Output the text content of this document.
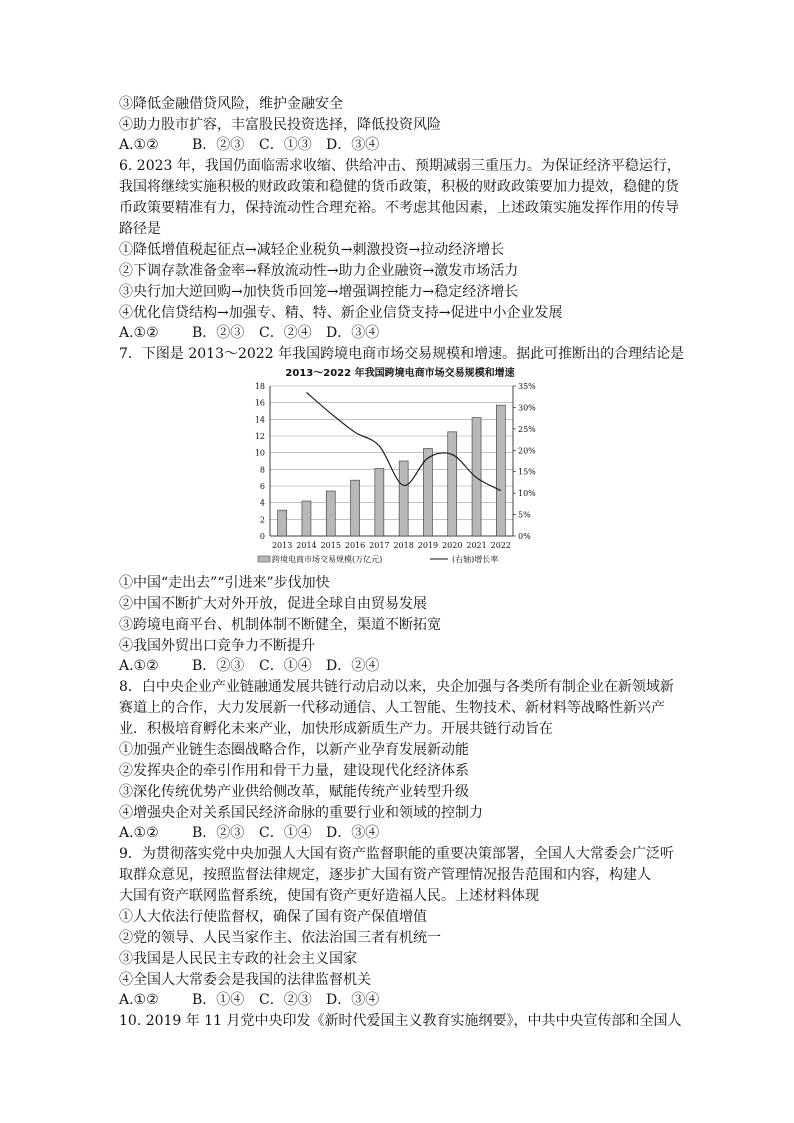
③降低金融借贷风险，维护金融安全
④助力股市扩容，丰富股民投资选择，降低投资风险
A.①② B．②③ C．①③ D．③④
6. 2023 年，我国仍面临需求收缩、供给冲击、预期减弱三重压力。为保证经济平稳运行，
我国将继续实施积极的财政政策和稳健的货币政策，积极的财政政策要加力提效，稳健的货
币政策要精准有力，保持流动性合理充裕。不考虑其他因素，上述政策实施发挥作用的传导
路径是
①降低增值税起征点→减轻企业税负→刺激投资→拉动经济增长
②下调存款准备金率→释放流动性→助力企业融资→激发市场活力
③央行加大逆回购→加快货币回笼→增强调控能力→稳定经济增长
④优化信贷结构→加强专、精、特、新企业信贷支持→促进中小企业发展
A.①② B．②③ C．②④ D．③④
7．下图是 2013～2022 年我国跨境电商市场交易规模和增速。据此可推断出的合理结论是
2013～2022 年我国跨境电商市场交易规模和增速
0
2
4
6
8
10
12
14
16
18
0%
5%
10%
15%
20%
25%
30%
35%
2013 2014 2015 2016 2017 2018 2019 2020 2021 2022
跨境电商市场交易规模(万亿元)	(右轴)增长率
①中国“走出去”“引进来”步伐加快
②中国不断扩大对外开放，促进全球自由贸易发展
③跨境电商平台、机制体制不断健全，渠道不断拓宽
④我国外贸出口竞争力不断提升
A.①② B．②③ C．①④ D．②④
8．白中央企业产业链融通发展共链行动启动以来，央企加强与各类所有制企业在新领域新
赛道上的合作，大力发展新一代移动通信、人工智能、生物技术、新材料等战略性新兴产
业．积极培育孵化未来产业，加快形成新质生产力。开展共链行动旨在
①加强产业链生态圈战略合作，以新产业孕育发展新动能
②发挥央企的牵引作用和骨干力量，建设现代化经济体系
③深化传统优势产业供给侧改革，赋能传统产业转型升级
④增强央企对关系国民经济命脉的重要行业和领域的控制力
A.①② B．②③ C．①④ D．③④
9．为贯彻落实党中央加强人大国有资产监督职能的重要决策部署，全国人大常委会广泛听
取群众意见，按照监督法律规定，逐步扩大国有资产管理情况报告范围和内容，构建人
大国有资产联网监督系统，使国有资产更好造福人民。上述材料体现
①人大依法行使监督权，确保了国有资产保值增值
②党的领导、人民当家作主、依法治国三者有机统一
③我国是人民民主专政的社会主义国家
④全国人大常委会是我国的法律监督机关
A.①② B．①④ C．②③ D．③④
10. 2019 年 11 月党中央印发《新时代爱国主义教育实施纲要》，中共中央宣传部和全国人
